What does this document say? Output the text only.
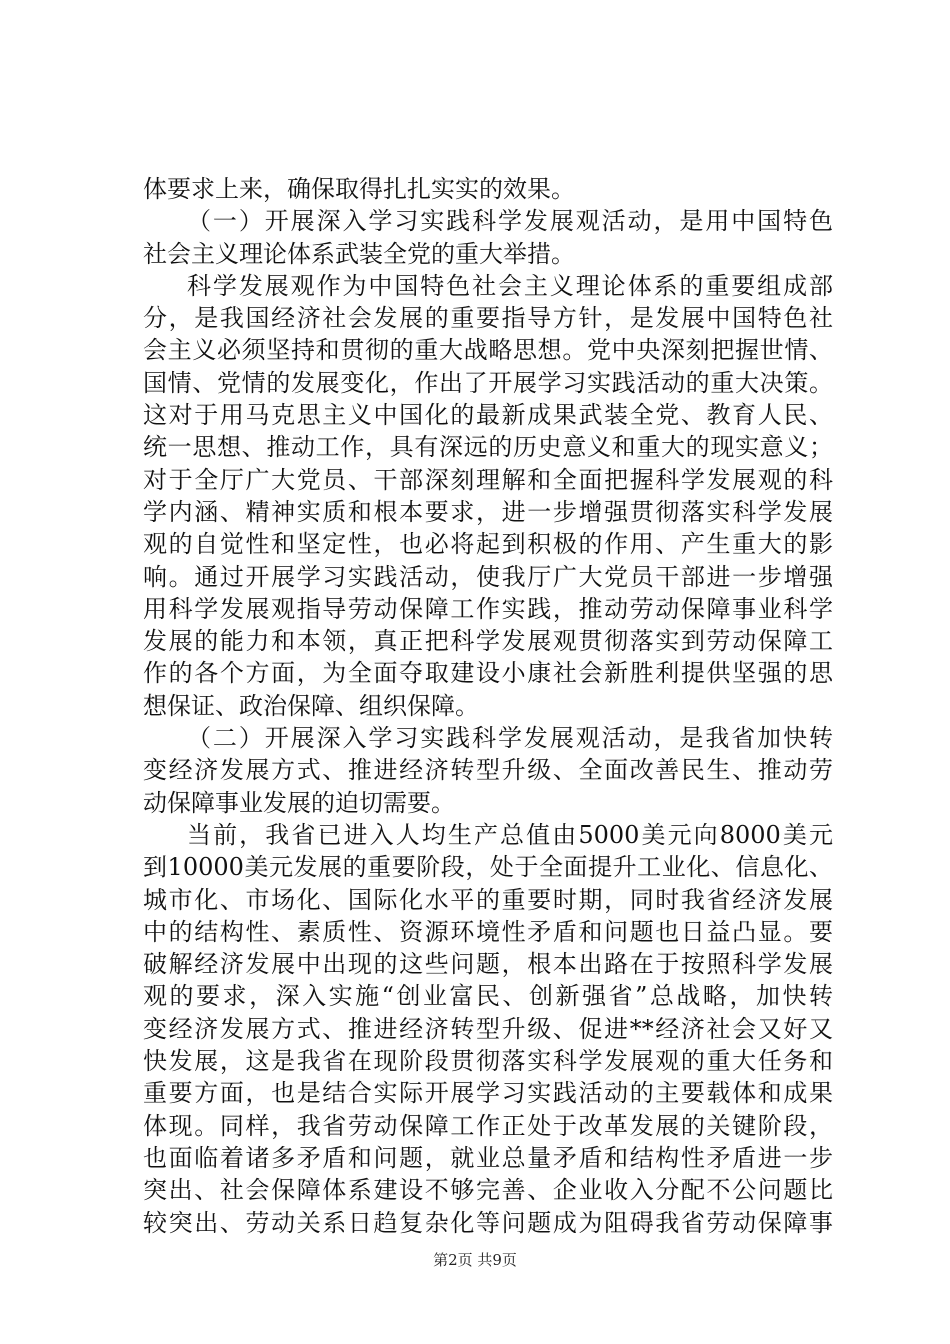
体要求上来，确保取得扎扎实实的效果。
（一）开展深入学习实践科学发展观活动，是用中国特色
社会主义理论体系武装全党的重大举措。
科学发展观作为中国特色社会主义理论体系的重要组成部
分，是我国经济社会发展的重要指导方针，是发展中国特色社
会主义必须坚持和贯彻的重大战略思想。党中央深刻把握世情、
国情、党情的发展变化，作出了开展学习实践活动的重大决策。
这对于用马克思主义中国化的最新成果武装全党、教育人民、
统一思想、推动工作，具有深远的历史意义和重大的现实意义；
对于全厅广大党员、干部深刻理解和全面把握科学发展观的科
学内涵、精神实质和根本要求，进一步增强贯彻落实科学发展
观的自觉性和坚定性，也必将起到积极的作用、产生重大的影
响。通过开展学习实践活动，使我厅广大党员干部进一步增强
用科学发展观指导劳动保障工作实践，推动劳动保障事业科学
发展的能力和本领，真正把科学发展观贯彻落实到劳动保障工
作的各个方面，为全面夺取建设小康社会新胜利提供坚强的思
想保证、政治保障、组织保障。
（二）开展深入学习实践科学发展观活动，是我省加快转
变经济发展方式、推进经济转型升级、全面改善民生、推动劳
动保障事业发展的迫切需要。
当前，我省已进入人均生产总值由5000美元向8000美元
到10000美元发展的重要阶段，处于全面提升工业化、信息化、
城市化、市场化、国际化水平的重要时期，同时我省经济发展
中的结构性、素质性、资源环境性矛盾和问题也日益凸显。要
破解经济发展中出现的这些问题，根本出路在于按照科学发展
观的要求，深入实施“创业富民、创新强省”总战略，加快转
变经济发展方式、推进经济转型升级、促进**经济社会又好又
快发展，这是我省在现阶段贯彻落实科学发展观的重大任务和
重要方面，也是结合实际开展学习实践活动的主要载体和成果
体现。同样，我省劳动保障工作正处于改革发展的关键阶段，
也面临着诸多矛盾和问题，就业总量矛盾和结构性矛盾进一步
突出、社会保障体系建设不够完善、企业收入分配不公问题比
较突出、劳动关系日趋复杂化等问题成为阻碍我省劳动保障事
第2页 共9页
